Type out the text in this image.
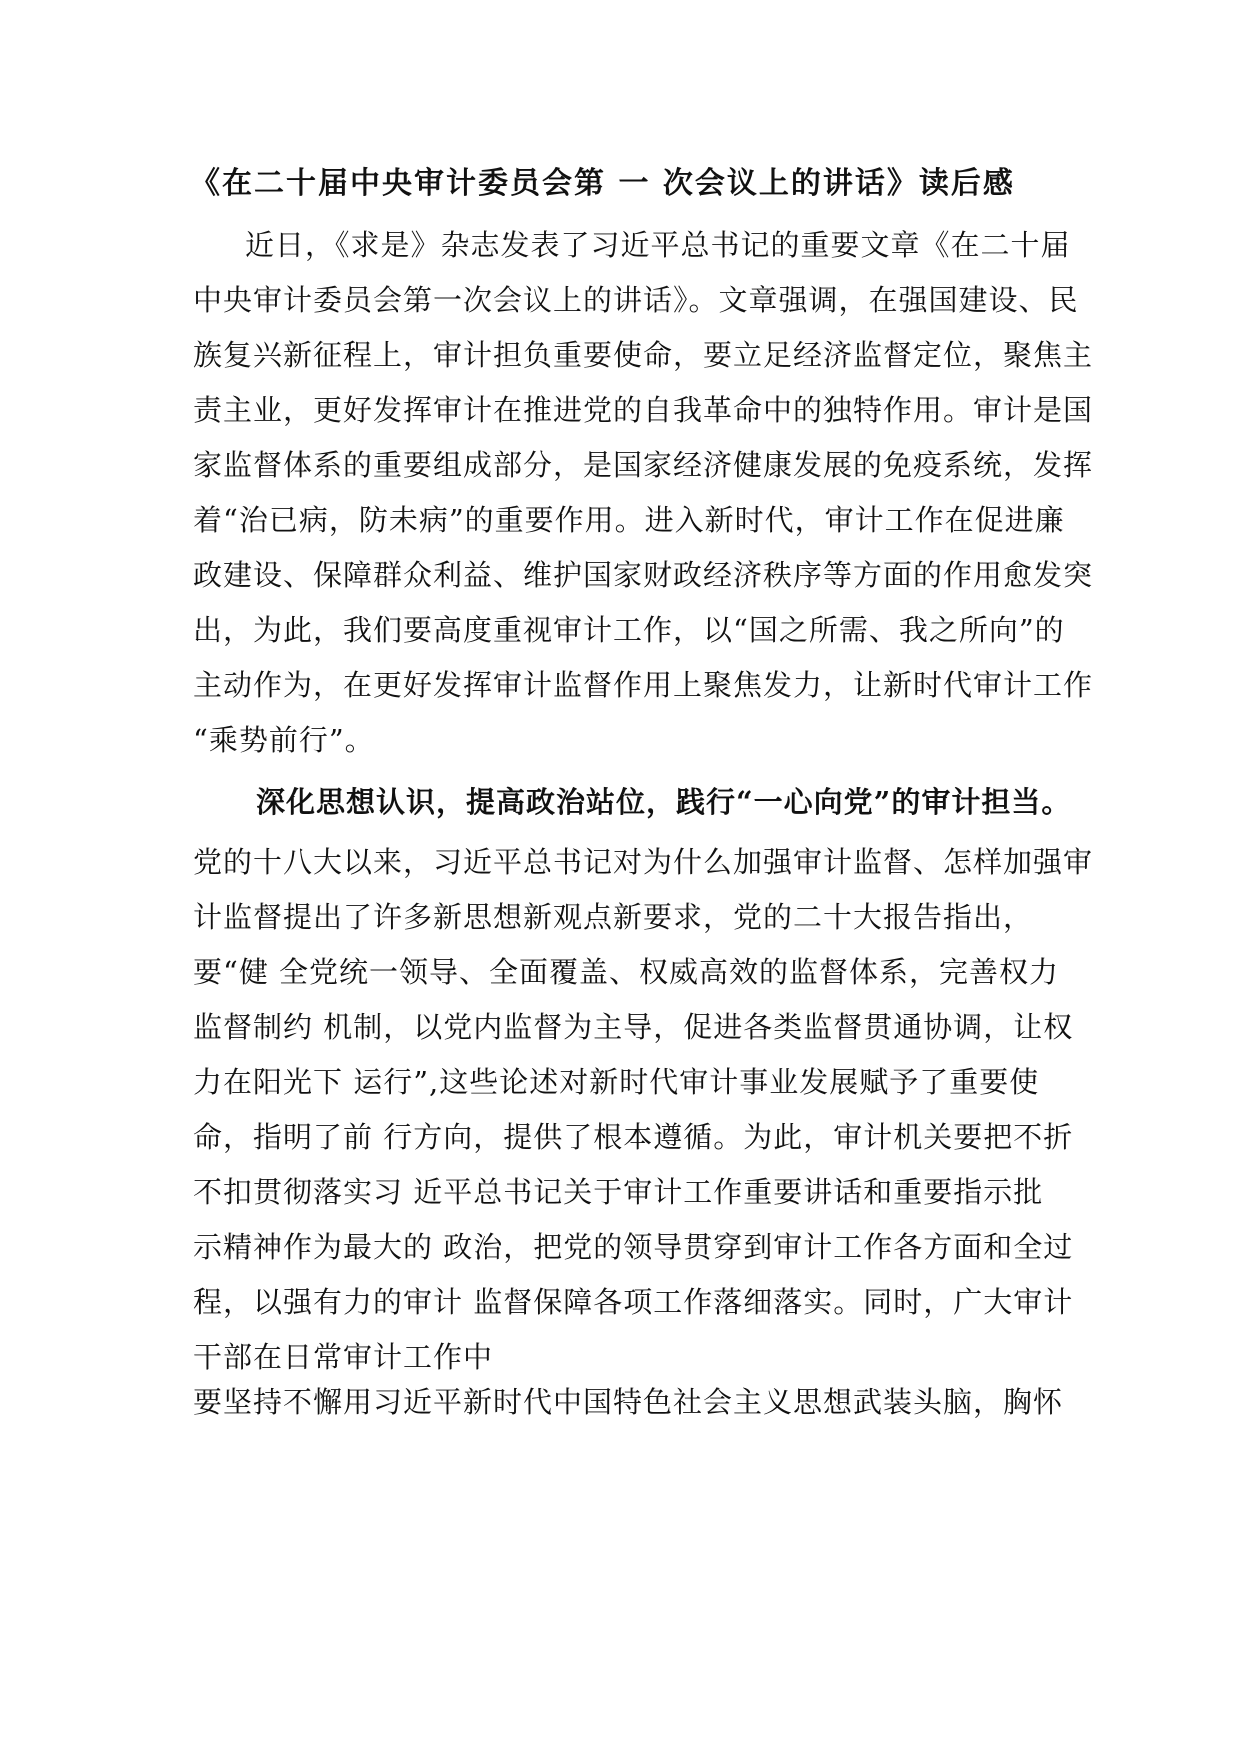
《在二十届中央审计委员会第 一 次会议上的讲话》读后感
近日，《求是》杂志发表了习近平总书记的重要文章《在二十届
中央审计委员会第一次会议上的讲话》。文章强调，在强国建设、民
族复兴新征程上，审计担负重要使命，要立足经济监督定位，聚焦主
责主业，更好发挥审计在推进党的自我革命中的独特作用。审计是国
家监督体系的重要组成部分，是国家经济健康发展的免疫系统，发挥
着“治已病，防未病”的重要作用。进入新时代，审计工作在促进廉
政建设、保障群众利益、维护国家财政经济秩序等方面的作用愈发突
出，为此，我们要高度重视审计工作，以“国之所需、我之所向”的
主动作为，在更好发挥审计监督作用上聚焦发力，让新时代审计工作
“乘势前行”。
深化思想认识，提高政治站位，践行“一心向党”的审计担当。
党的十八大以来，习近平总书记对为什么加强审计监督、怎样加强审
计监督提出了许多新思想新观点新要求，党的二十大报告指出，
要“健 全党统一领导、全面覆盖、权威高效的监督体系，完善权力
监督制约 机制，以党内监督为主导，促进各类监督贯通协调，让权
力在阳光下 运行”,这些论述对新时代审计事业发展赋予了重要使
命，指明了前 行方向，提供了根本遵循。为此，审计机关要把不折
不扣贯彻落实习 近平总书记关于审计工作重要讲话和重要指示批
示精神作为最大的 政治，把党的领导贯穿到审计工作各方面和全过
程，以强有力的审计 监督保障各项工作落细落实。同时，广大审计
干部在日常审计工作中
要坚持不懈用习近平新时代中国特色社会主义思想武装头脑，胸怀
